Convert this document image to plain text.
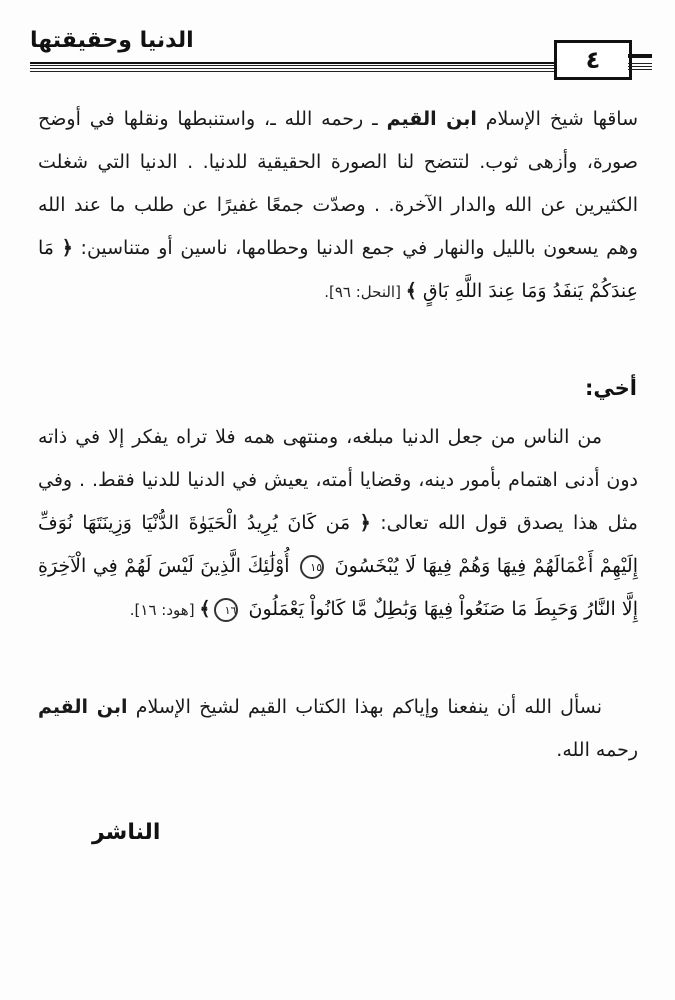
الدنيا وحقيقتها
٤
ساقها شيخ الإسلام ابن القيم ـ رحمه الله ـ، واستنبطها ونقلها في أوضح صورة، وأزهى ثوب. لتتضح لنا الصورة الحقيقية للدنيا. . الدنيا التي شغلت الكثيرين عن الله والدار الآخرة. . وصدّت جمعًا غفيرًا عن طلب ما عند الله وهم يسعون بالليل والنهار في جمع الدنيا وحطامها، ناسين أو متناسين: ﴿ مَا عِندَكُمْ يَنفَدُ وَمَا عِندَ اللَّهِ بَاقٍ ﴾ [النحل: ٩٦].
أخي:
من الناس من جعل الدنيا مبلغه، ومنتهى همه فلا تراه يفكر إلا في ذاته دون أدنى اهتمام بأمور دينه، وقضايا أمته، يعيش في الدنيا للدنيا فقط. . وفي مثل هذا يصدق قول الله تعالى: ﴿ مَن كَانَ يُرِيدُ الْحَيَوٰةَ الدُّنْيَا وَزِينَتَهَا نُوَفِّ إِلَيْهِمْ أَعْمَالَهُمْ فِيهَا وَهُمْ فِيهَا لَا يُبْخَسُونَ ١٥ أُوْلَٰئِكَ الَّذِينَ لَيْسَ لَهُمْ فِي الْآخِرَةِ إِلَّا النَّارُ وَحَبِطَ مَا صَنَعُواْ فِيهَا وَبَٰطِلٌ مَّا كَانُواْ يَعْمَلُونَ ١٦﴾ [هود: ١٦].
نسأل الله أن ينفعنا وإياكم بهذا الكتاب القيم لشيخ الإسلام ابن القيم رحمه الله.
الناشر
